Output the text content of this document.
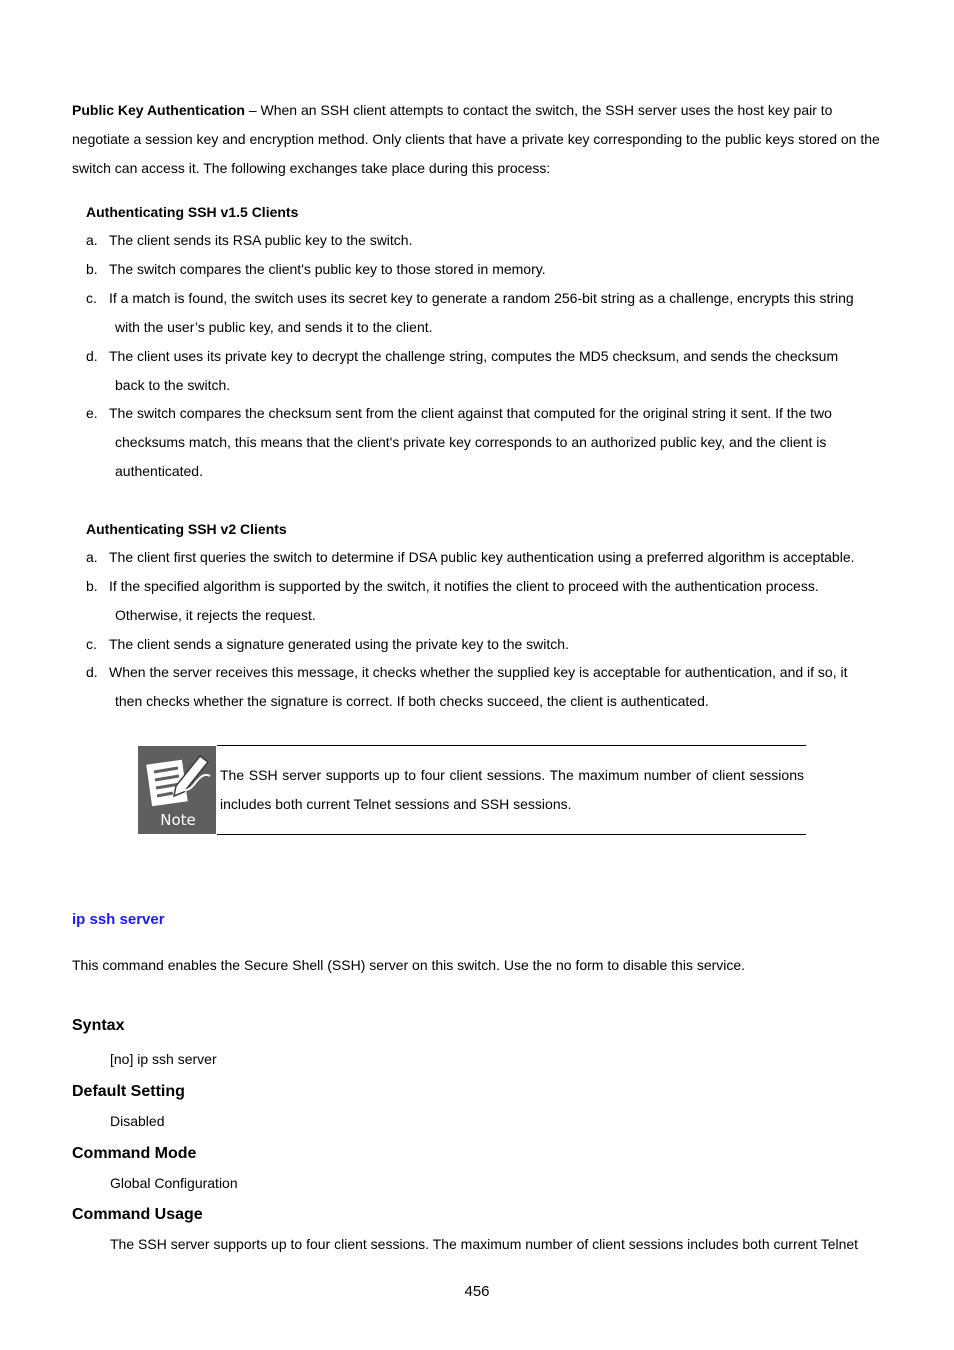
Public Key Authentication – When an SSH client attempts to contact the switch, the SSH server uses the host key pair to negotiate a session key and encryption method. Only clients that have a private key corresponding to the public keys stored on the switch can access it. The following exchanges take place during this process:

Authenticating SSH v1.5 Clients

a. The client sends its RSA public key to the switch.
b. The switch compares the client's public key to those stored in memory.
c. If a match is found, the switch uses its secret key to generate a random 256-bit string as a challenge, encrypts this string
with the user’s public key, and sends it to the client.
d. The client uses its private key to decrypt the challenge string, computes the MD5 checksum, and sends the checksum
back to the switch.
e. The switch compares the checksum sent from the client against that computed for the original string it sent. If the two
checksums match, this means that the client's private key corresponds to an authorized public key, and the client is authenticated.

Authenticating SSH v2 Clients

a. The client first queries the switch to determine if DSA public key authentication using a preferred algorithm is acceptable.
b. If the specified algorithm is supported by the switch, it notifies the client to proceed with the authentication process.
Otherwise, it rejects the request.
c. The client sends a signature generated using the private key to the switch.
d. When the server receives this message, it checks whether the supplied key is acceptable for authentication, and if so, it
then checks whether the signature is correct. If both checks succeed, the client is authenticated.
Note

The SSH server supports up to four client sessions. The maximum number of client sessions includes both current Telnet sessions and SSH sessions.

ip ssh server

This command enables the Secure Shell (SSH) server on this switch. Use the no form to disable this service.

Syntax

[no] ip ssh server

Default Setting

Disabled

Command Mode

Global Configuration

Command Usage

The SSH server supports up to four client sessions. The maximum number of client sessions includes both current Telnet

456
